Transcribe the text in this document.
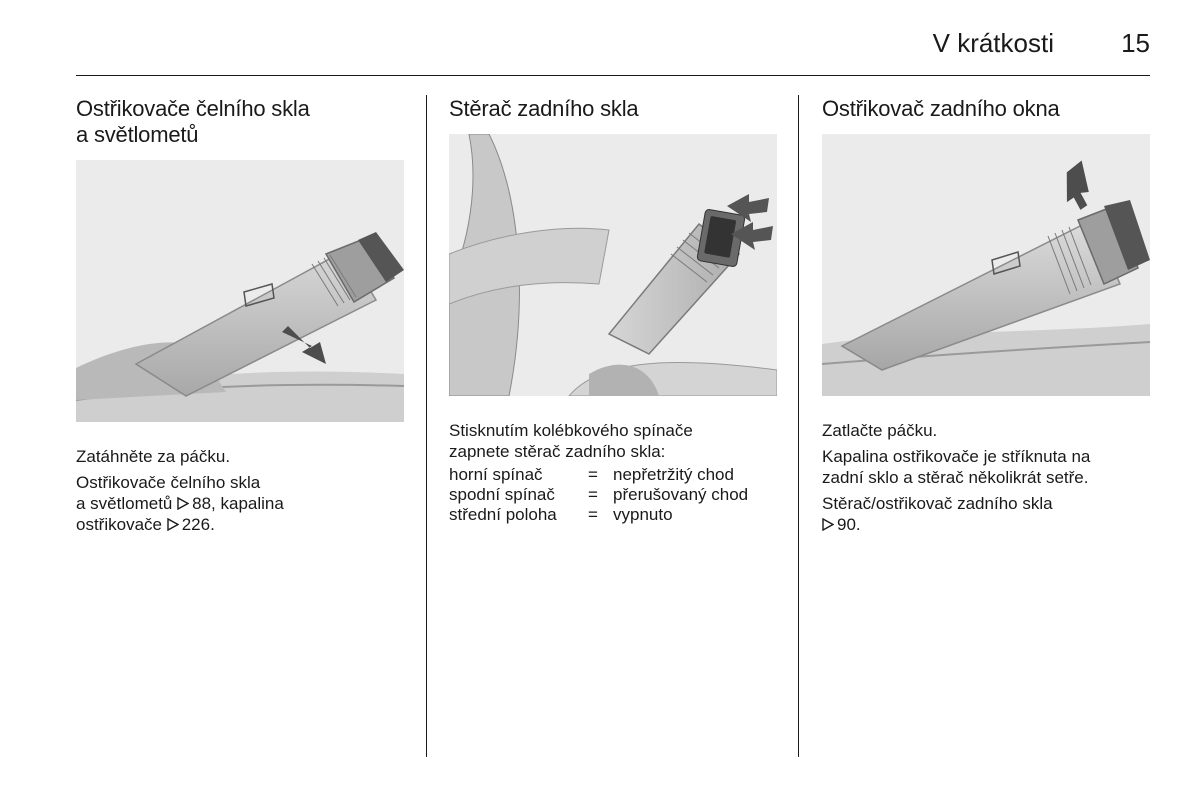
V krátkosti	15
Ostřikovače čelního skla
a světlometů

Zatáhněte za páčku.

Ostřikovače čelního skla
a světlometů 88, kapalina
ostřikovače 226.

Stěrač zadního skla

Stisknutím kolébkového spínače
zapnete stěrač zadního skla:

horní spínač	=	nepřetržitý chod
spodní spínač	=	přerušovaný chod
střední poloha	=	vypnuto
Ostřikovač zadního okna

Zatlačte páčku.

Kapalina ostřikovače je stříknuta na
zadní sklo a stěrač několikrát setře.

Stěrač/ostřikovač zadního skla
90.
